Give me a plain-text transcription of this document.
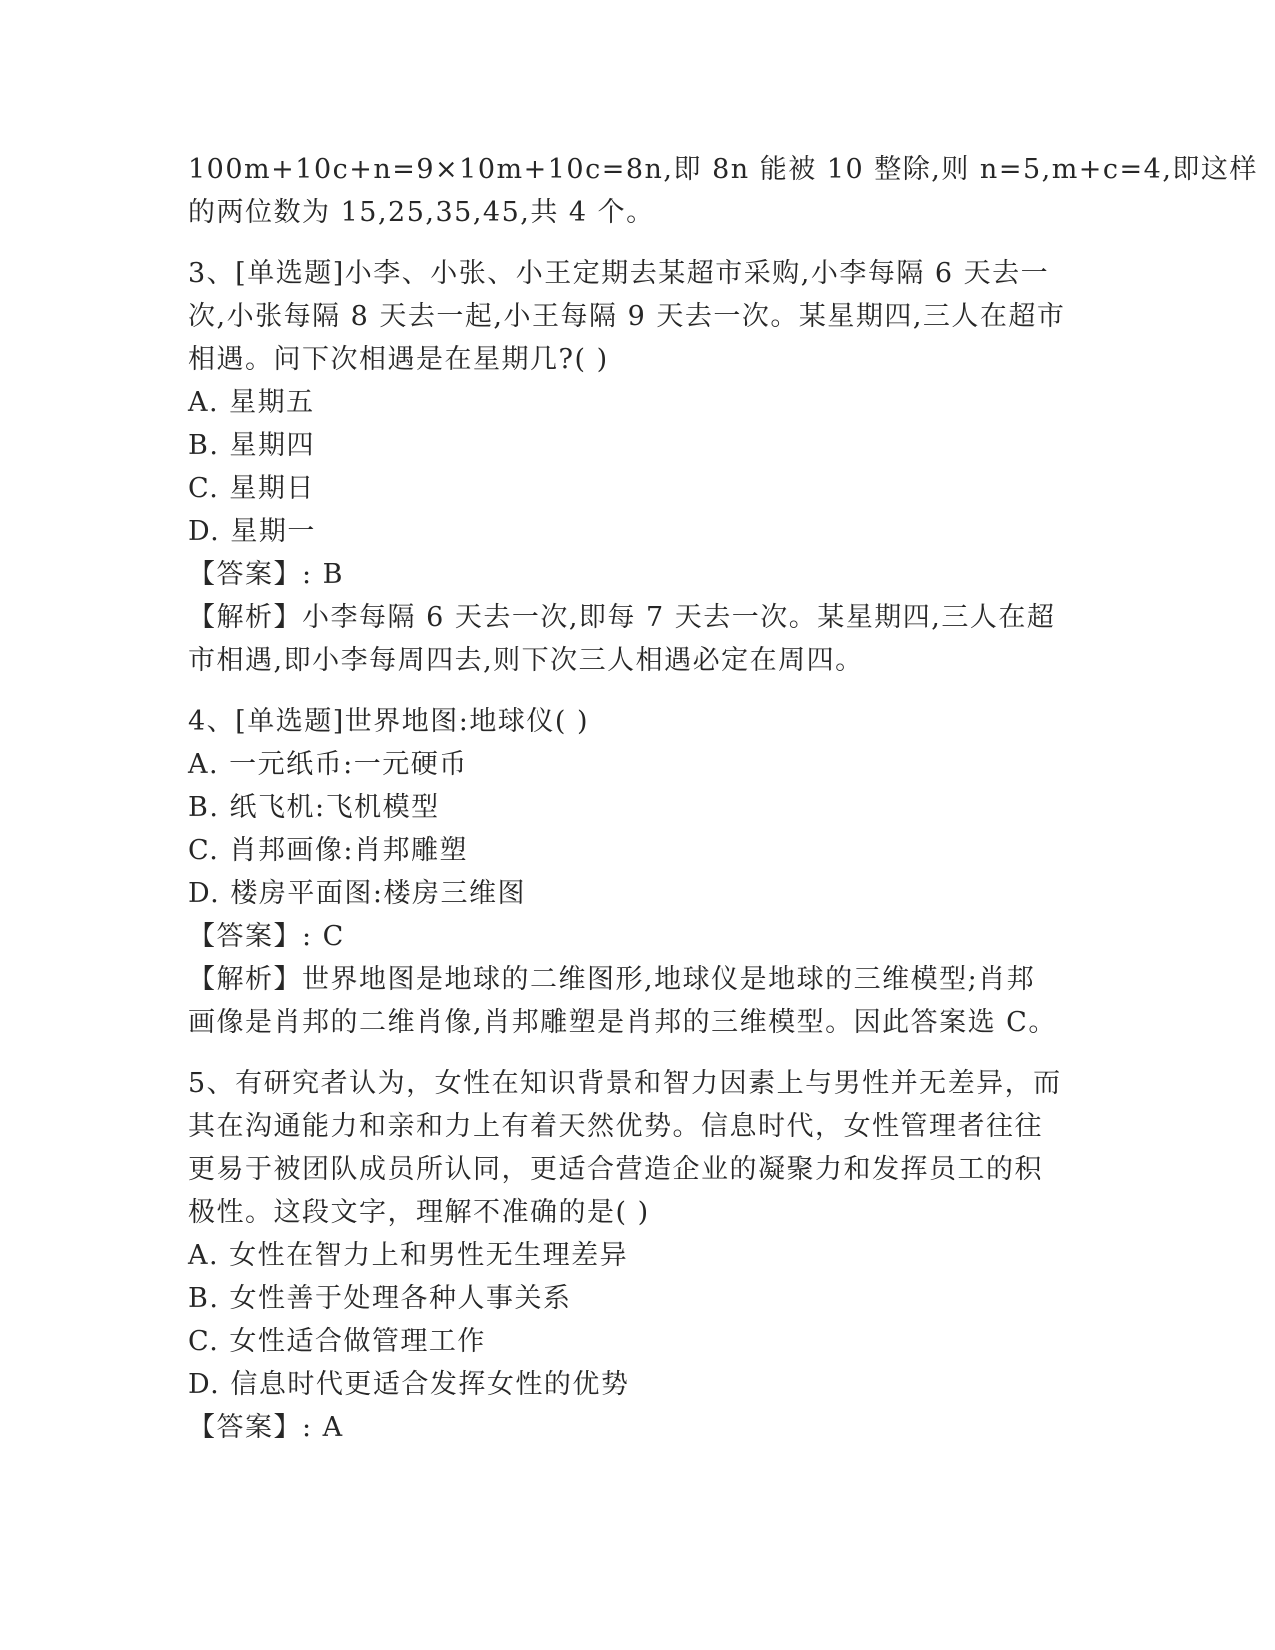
100m+10c+n=9×10m+10c=8n,即 8n 能被 10 整除,则 n=5,m+c=4,即这样
的两位数为 15,25,35,45,共 4 个。
3、[单选题]小李、小张、小王定期去某超市采购,小李每隔 6 天去一
次,小张每隔 8 天去一起,小王每隔 9 天去一次。某星期四,三人在超市
相遇。问下次相遇是在星期几?( )
A. 星期五
B. 星期四
C. 星期日
D. 星期一
【答案】: B
【解析】小李每隔 6 天去一次,即每 7 天去一次。某星期四,三人在超
市相遇,即小李每周四去,则下次三人相遇必定在周四。
4、[单选题]世界地图:地球仪( )
A. 一元纸币:一元硬币
B. 纸飞机:飞机模型
C. 肖邦画像:肖邦雕塑
D. 楼房平面图:楼房三维图
【答案】: C
【解析】世界地图是地球的二维图形,地球仪是地球的三维模型;肖邦
画像是肖邦的二维肖像,肖邦雕塑是肖邦的三维模型。因此答案选 C。
5、有研究者认为，女性在知识背景和智力因素上与男性并无差异，而
其在沟通能力和亲和力上有着天然优势。信息时代，女性管理者往往
更易于被团队成员所认同，更适合营造企业的凝聚力和发挥员工的积
极性。这段文字，理解不准确的是( )
A. 女性在智力上和男性无生理差异
B. 女性善于处理各种人事关系
C. 女性适合做管理工作
D. 信息时代更适合发挥女性的优势
【答案】: A
